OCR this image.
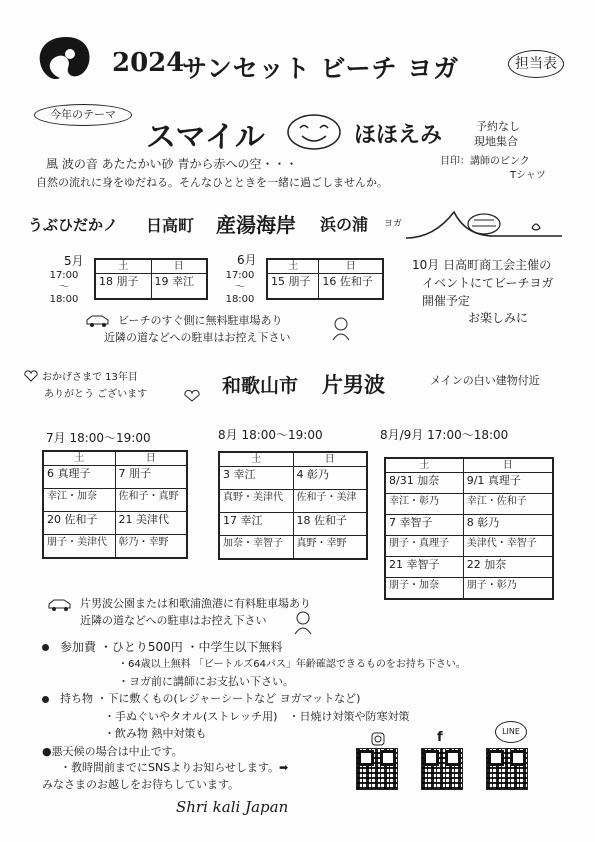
2024
サンセット ビーチ ヨガ	担当表
今年のテーマ
スマイル	ほほえみ	予約なし
現地集合
目印：講師のピンク
Tシャツ
風 波の音 あたたかい砂 青から赤への空・・・
自然の流れに身をゆだねる。そんなひとときを一緒に過ごしませんか。
うぶひだかノ 日高町 産湯海岸 浜の浦 ヨガ
5月
17:00
〜
18:00
土	日
18 朋子	19 幸江
6月
17:00
〜
18:00
土	日
15 朋子	16 佐和子
10月 日高町商工会主催の
イベントにてビーチヨガ
開催予定
お楽しみに
ビーチのすぐ側に無料駐車場あり
近隣の道などへの駐車はお控え下さい
おかげさまで 13年目
ありがとう ございます	和歌山市 片男波	メインの白い建物付近
7月 18:00〜19:00
土	日
6 真理子	7 朋子
幸江・加奈	佐和子・真野
20 佐和子	21 美津代
朋子・美津代	彰乃・幸野
8月 18:00〜19:00
土	日
3 幸江	4 彰乃
真野・美津代	佐和子・美津
17 幸江	18 佐和子
加奈・幸智子	真野・幸野
8月/9月 17:00〜18:00
土	日
8/31 加奈	9/1 真理子
幸江・彰乃	幸江・佐和子
7 幸智子	8 彰乃
朋子・真理子	美津代・幸智子
21 幸智子	22 加奈
朋子・加奈	朋子・彰乃
片男波公園または和歌浦漁港に有料駐車場あり
近隣の道などへの駐車はお控え下さい
参加費 ・ひとり500円 ・中学生以下無料
・64歳以上無料 「ビートルズ64パス」年齢確認できるものをお持ち下さい。
・ヨガ前に講師にお支払い下さい。
持ち物 ・下に敷くもの(レジャーシートなど ヨガマットなど)
・手ぬぐいやタオル(ストレッチ用)　・日焼け対策や防寒対策
・飲み物 熱中対策も
●悪天候の場合は中止です。
・教時間前までにSNSよりお知らせします。➡
みなさまのお越しをお待ちしています。
Shri kali Japan
f	LINE
